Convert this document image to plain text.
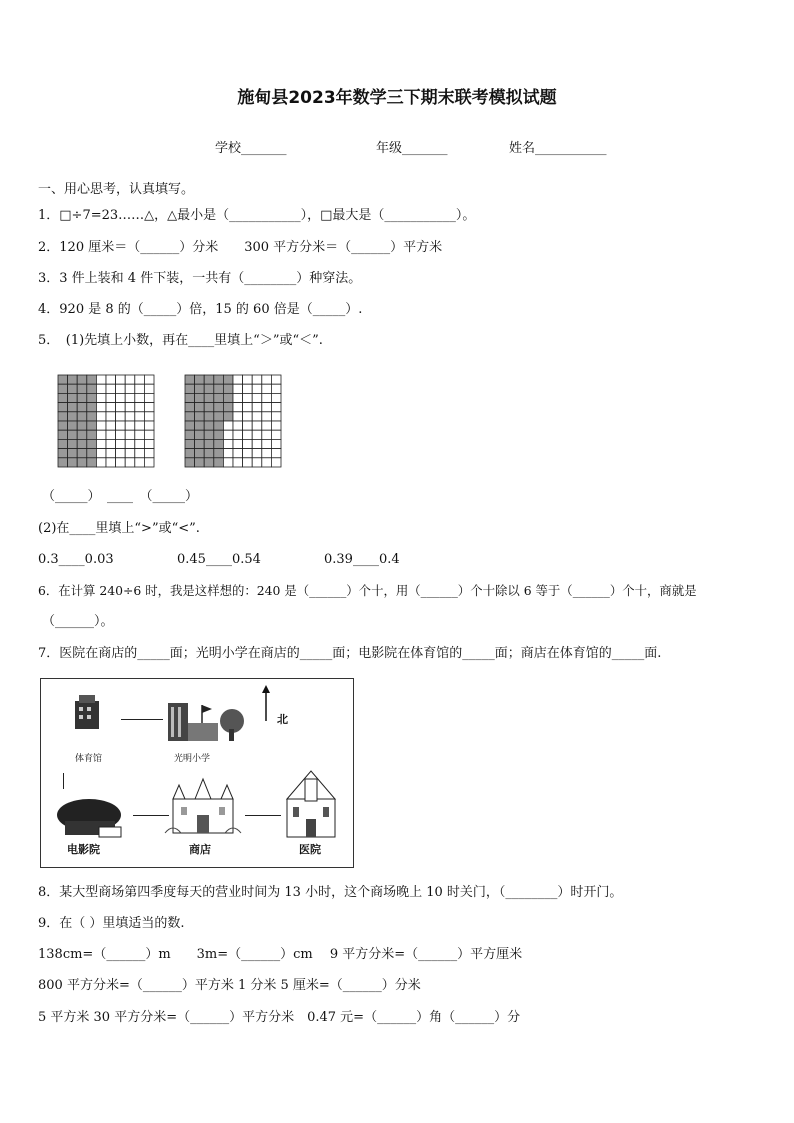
施甸县2023年数学三下期末联考模拟试题
学校_______	年级_______	姓名___________
一、用心思考，认真填写。
1．□÷7=23……△，△最小是（___________），□最大是（___________）。
2．120 厘米＝（______）分米　　300 平方分米＝（______）平方米
3．3 件上装和 4 件下装，一共有（________）种穿法。
4．920 是 8 的（_____）倍，15 的 60 倍是（_____）.
5．　(1)先填上小数，再在____里填上“＞”或“＜”.
（_____）　____　（_____）
(2)在____里填上“>”或“<”.
0.3____0.03	0.45____0.54	0.39____0.4
6．在计算 240÷6 时，我是这样想的：240 是（______）个十，用（______）个十除以 6 等于（______）个十，商就是
（______）。
7．医院在商店的_____面；光明小学在商店的_____面；电影院在体育馆的_____面；商店在体育馆的_____面.
体育馆	光明小学
北
电影院	商店	医院
8．某大型商场第四季度每天的营业时间为 13 小时，这个商场晚上 10 时关门，（________）时开门。
9．在（ ）里填适当的数.
138cm=（______）m　　3m=（______）cm　 9 平方分米=（______）平方厘米
800 平方分米=（______）平方米 1 分米 5 厘米=（______）分米
5 平方米 30 平方分米=（______）平方分米　0.47 元=（______）角（______）分
